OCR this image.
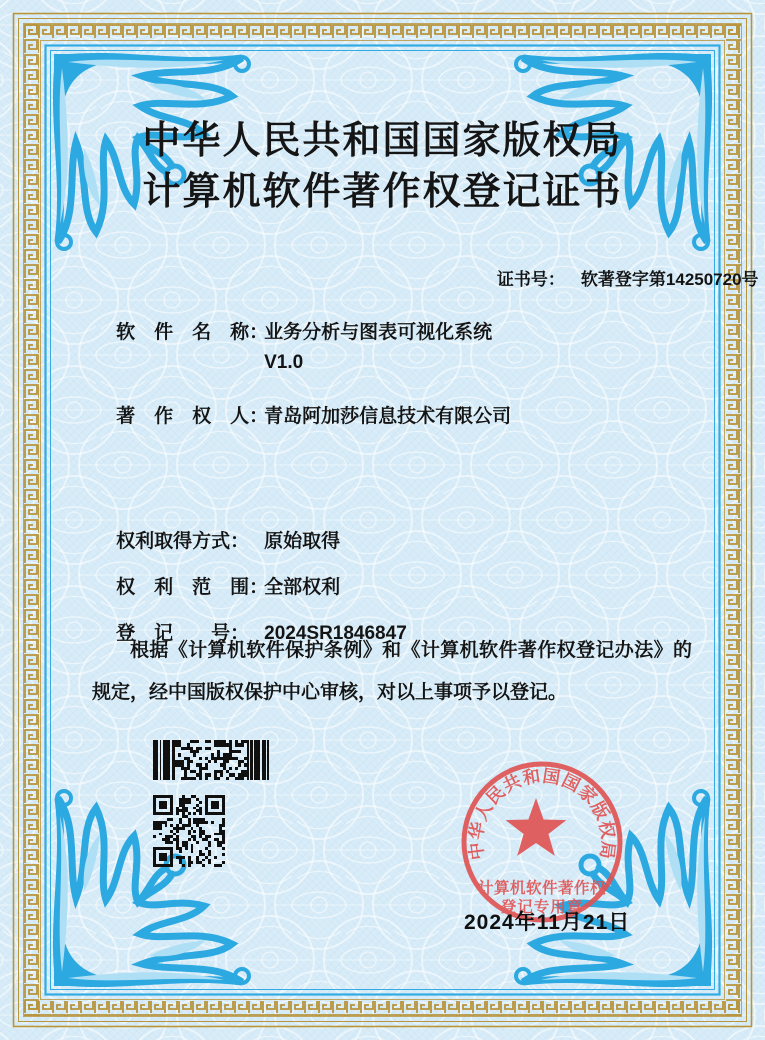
中华人民共和国国家版权局
计算机软件著作权登记证书

证书号： 软著登字第14250720号

软　件　名　称：业务分析与图表可视化系统
V1.0

著　作　权　人：青岛阿加莎信息技术有限公司

权利取得方式： 原始取得

权　利　范　围：全部权利

登　记　　号： 2024SR1846847

根据《计算机软件保护条例》和《计算机软件著作权登记办法》的规定，经中国版权保护中心审核，对以上事项予以登记。
中华人民共和国国家版权局
计算机软件著作权
登记专用章
2024年11月21日
